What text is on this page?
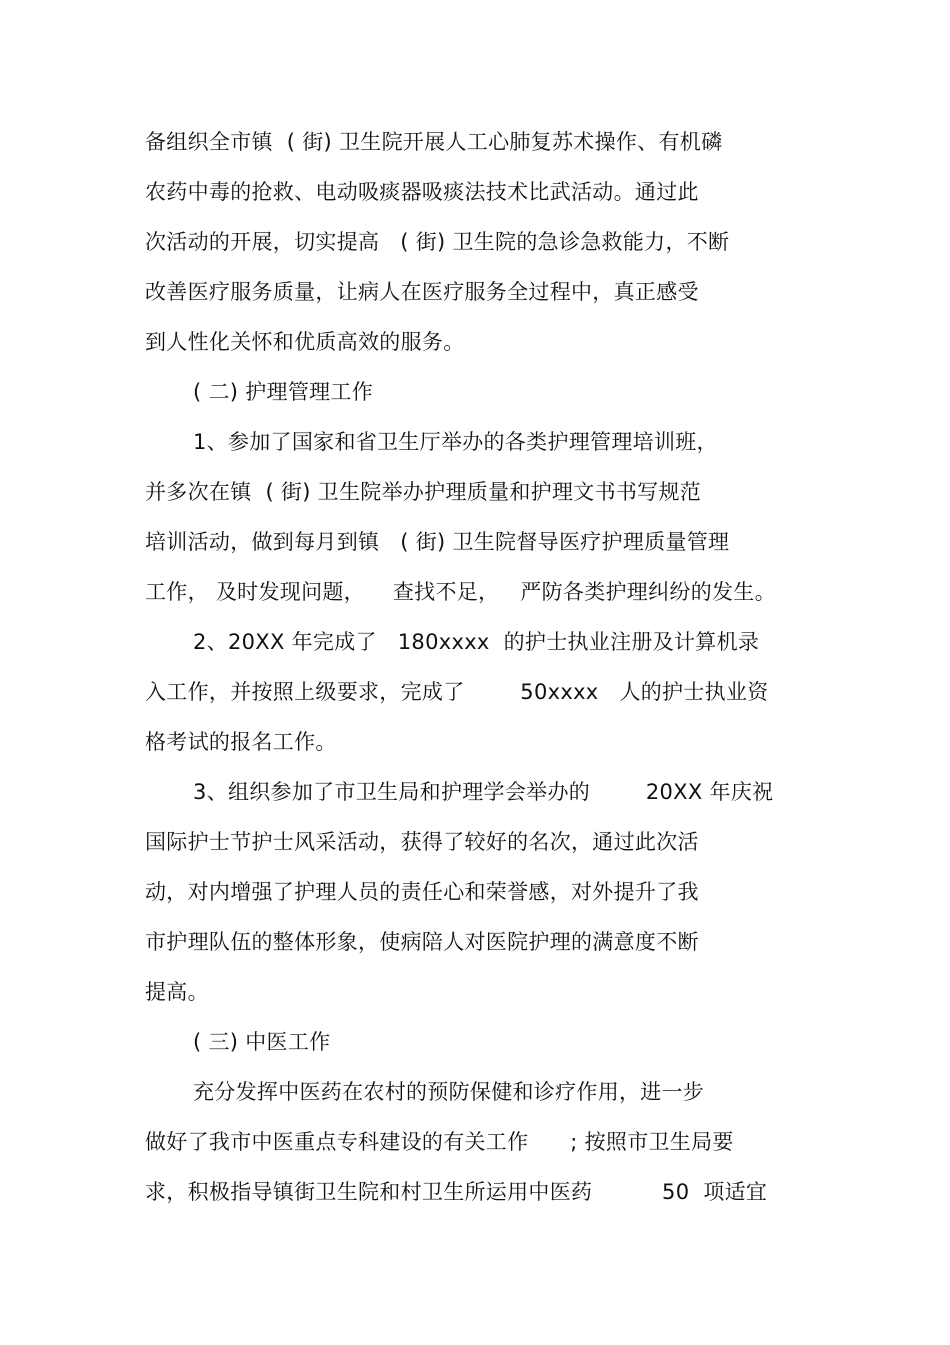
备组织全市镇  ( 街) 卫生院开展人工心肺复苏术操作、有机磷
农药中毒的抢救、电动吸痰器吸痰法技术比武活动。通过此
次活动的开展，切实提高   ( 街) 卫生院的急诊急救能力，不断
改善医疗服务质量，让病人在医疗服务全过程中，真正感受
到人性化关怀和优质高效的服务。
( 二) 护理管理工作
1、参加了国家和省卫生厅举办的各类护理管理培训班，
并多次在镇  ( 街) 卫生院举办护理质量和护理文书书写规范
培训活动，做到每月到镇   ( 街) 卫生院督导医疗护理质量管理
工作， 及时发现问题，    查找不足，   严防各类护理纠纷的发生。
2、20XX 年完成了   180xxxx  的护士执业注册及计算机录
入工作，并按照上级要求，完成了        50xxxx   人的护士执业资
格考试的报名工作。
3、组织参加了市卫生局和护理学会举办的        20XX 年庆祝
国际护士节护士风采活动，获得了较好的名次，通过此次活
动，对内增强了护理人员的责任心和荣誉感，对外提升了我
市护理队伍的整体形象，使病陪人对医院护理的满意度不断
提高。
( 三) 中医工作
充分发挥中医药在农村的预防保健和诊疗作用，进一步
做好了我市中医重点专科建设的有关工作      ; 按照市卫生局要
求，积极指导镇街卫生院和村卫生所运用中医药          50  项适宜
